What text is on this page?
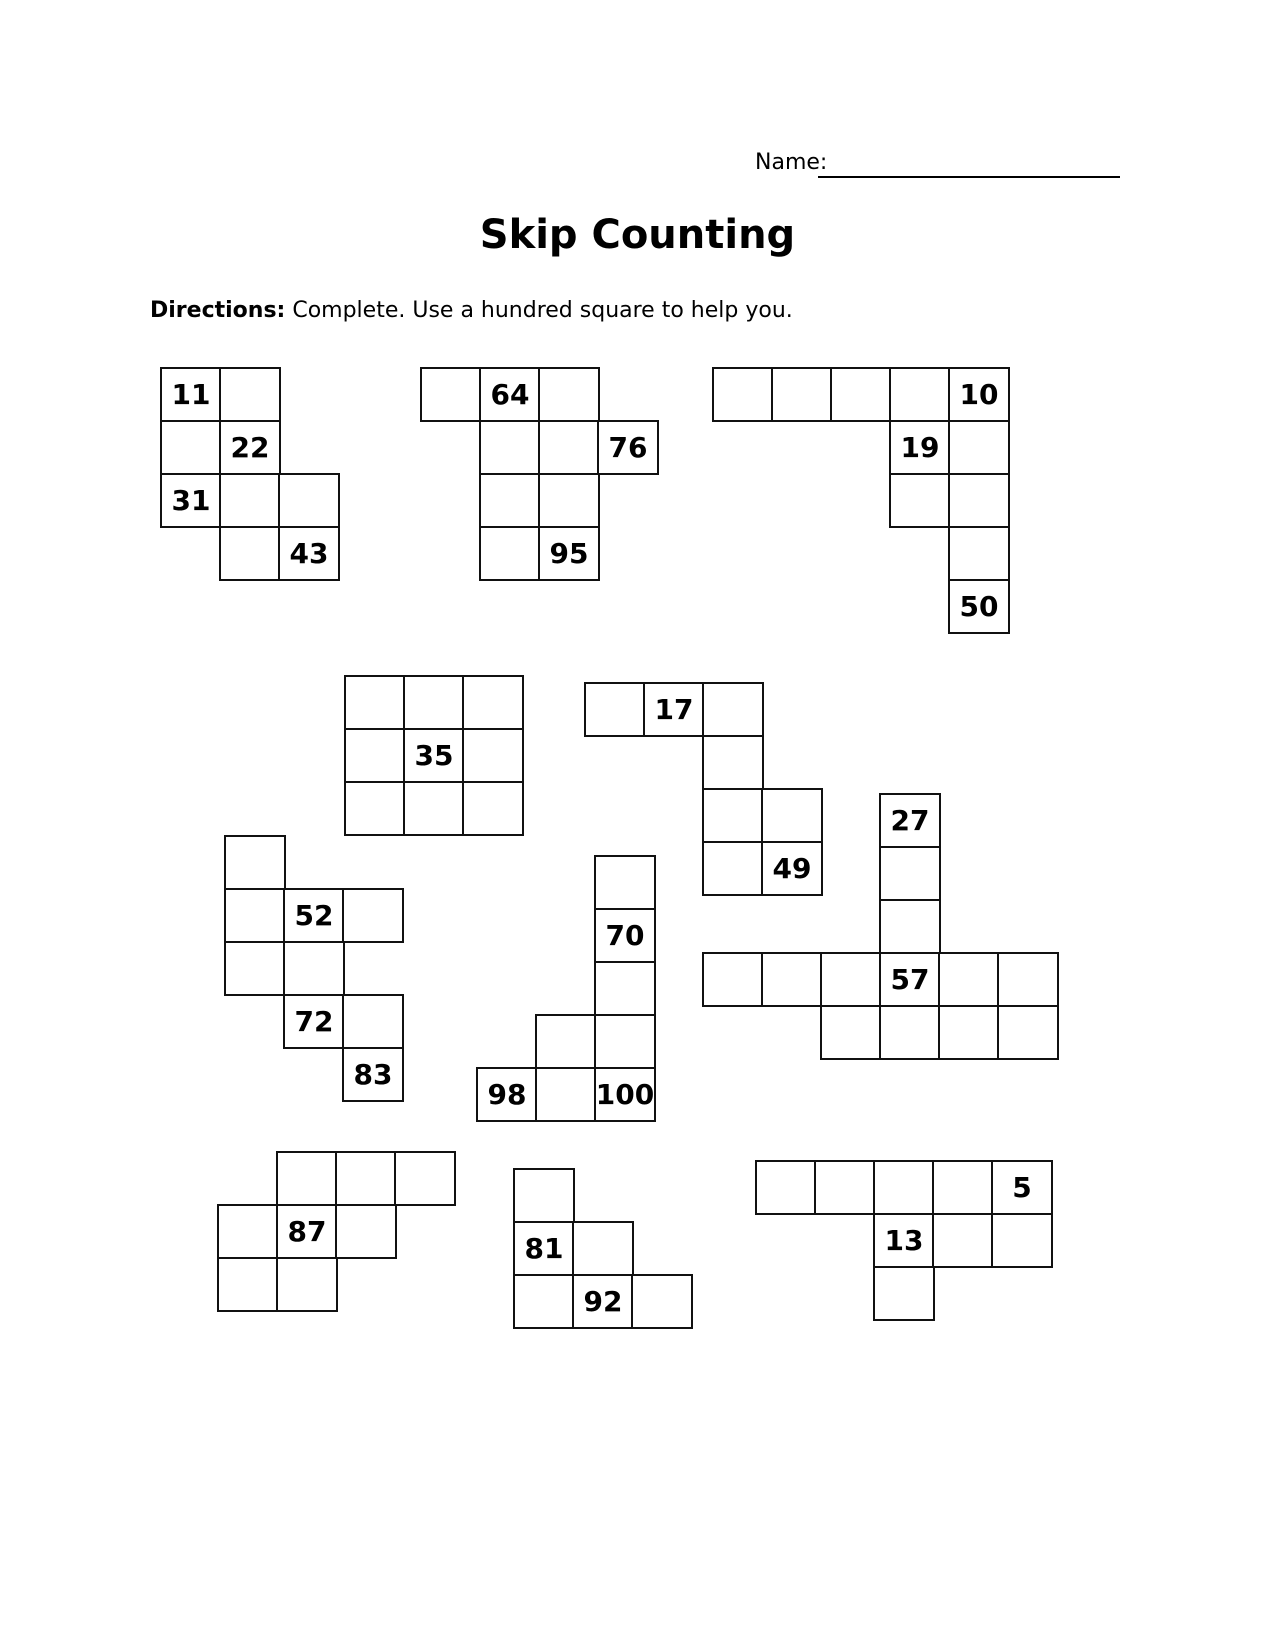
Name:
Skip Counting
Directions: Complete. Use a hundred square to help you.
11
22
31
43
64
76
95
10
19
50
35
17
49
27
57
52
72
83
70
98	100
87
81
92
5
13
